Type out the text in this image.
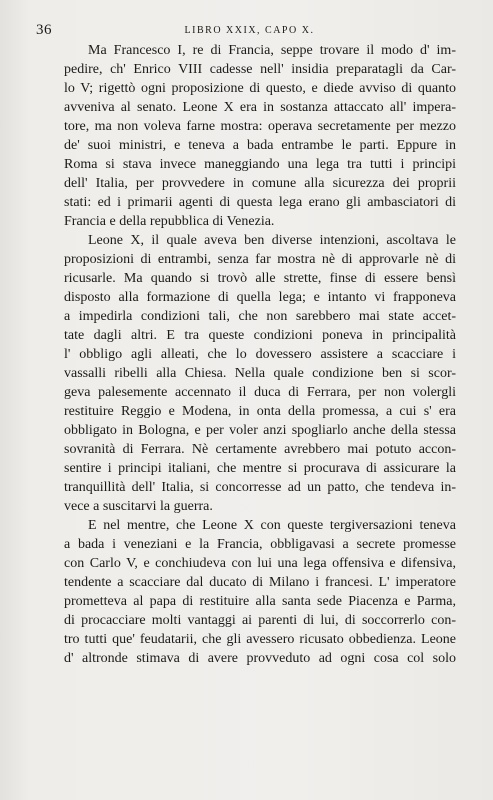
36	LIBRO XXIX, CAPO X.

Ma Francesco I, re di Francia, seppe trovare il modo d' im-
pedire, ch' Enrico VIII cadesse nell' insidia preparatagli da Car-
lo V; rigettò ogni proposizione di questo, e diede avviso di quanto
avveniva al senato. Leone X era in sostanza attaccato all' impera-
tore, ma non voleva farne mostra: operava secretamente per mezzo
de' suoi ministri, e teneva a bada entrambe le parti. Eppure in
Roma si stava invece maneggiando una lega tra tutti i principi
dell' Italia, per provvedere in comune alla sicurezza dei proprii
stati: ed i primarii agenti di questa lega erano gli ambasciatori di
Francia e della repubblica di Venezia.

Leone X, il quale aveva ben diverse intenzioni, ascoltava le
proposizioni di entrambi, senza far mostra nè di approvarle nè di
ricusarle. Ma quando si trovò alle strette, finse di essere bensì
disposto alla formazione di quella lega; e intanto vi frapponeva
a impedirla condizioni tali, che non sarebbero mai state accet-
tate dagli altri. E tra queste condizioni poneva in principalità
l' obbligo agli alleati, che lo dovessero assistere a scacciare i
vassalli ribelli alla Chiesa. Nella quale condizione ben si scor-
geva palesemente accennato il duca di Ferrara, per non volergli
restituire Reggio e Modena, in onta della promessa, a cui s' era
obbligato in Bologna, e per voler anzi spogliarlo anche della stessa
sovranità di Ferrara. Nè certamente avrebbero mai potuto accon-
sentire i principi italiani, che mentre si procurava di assicurare la
tranquillità dell' Italia, si concorresse ad un patto, che tendeva in-
vece a suscitarvi la guerra.

E nel mentre, che Leone X con queste tergiversazioni teneva
a bada i veneziani e la Francia, obbligavasi a secrete promesse
con Carlo V, e conchiudeva con lui una lega offensiva e difensiva,
tendente a scacciare dal ducato di Milano i francesi. L' imperatore
prometteva al papa di restituire alla santa sede Piacenza e Parma,
di procacciare molti vantaggi ai parenti di lui, di soccorrerlo con-
tro tutti que' feudatarii, che gli avessero ricusato obbedienza. Leone
d' altronde stimava di avere provveduto ad ogni cosa col solo
